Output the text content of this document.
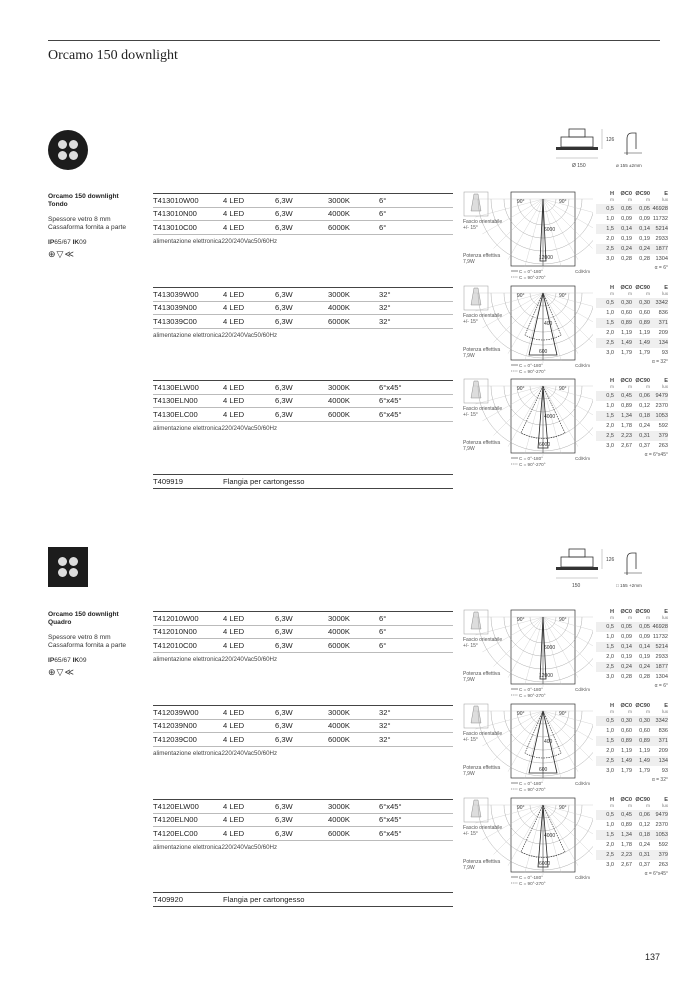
Orcamo 150 downlight
126
Ø 150	ø 155 ±2mm
Orcamo 150 downlight
Tondo
Spessore vetro 8 mm
Cassaforma fornita a parte
IP65/67 IK09
⊕▽≪
T413010W00	4 LED	6,3W	3000K	6°
T413010N00	4 LED	6,3W	4000K	6°
T413010C00	4 LED	6,3W	6000K	6°
alimentazione elettronica220/240Vac50/60Hz
90°	90°
6000
12000
Fascio orientabile +/- 15°
Potenza effettiva 7,9W
C = 0°-180°
C = 90°-270°
Cd/Klm
H	ØC0 ØC90	E
m	m	m	lux
0,5	0,05	0,05 46928
1,0	0,09	0,09 11732
1,5	0,14	0,14 5214
2,0	0,19	0,19 2933
2,5	0,24	0,24 1877
3,0	0,28	0,28 1304
α = 6°
T413039W00	4 LED	6,3W	3000K	32°
T413039N00	4 LED	6,3W	4000K	32°
T413039C00	4 LED	6,3W	6000K	32°
alimentazione elettronica220/240Vac50/60Hz
90°	90°
400
600
Fascio orientabile +/- 15°
Potenza effettiva 7,9W
C = 0°-180°
C = 90°-270°
Cd/Klm
H	ØC0 ØC90	E
m	m	m	lux
0,5	0,30	0,30 3342
1,0	0,60	0,60	836
1,5	0,89	0,89	371
2,0	1,19	1,19	209
2,5	1,49	1,49	134
3,0	1,79	1,79	93
α = 32°
T4130ELW00	4 LED	6,3W	3000K	6°x45°
T4130ELN00	4 LED	6,3W	4000K	6°x45°
T4130ELC00	4 LED	6,3W	6000K	6°x45°
alimentazione elettronica220/240Vac50/60Hz
90°	90°
4000
6000
Fascio orientabile +/- 15°
Potenza effettiva 7,9W
C = 0°-180°
C = 90°-270°
Cd/Klm
H	ØC0 ØC90	E
m	m	m	lux
0,5	0,45	0,06 9479
1,0	0,89	0,12 2370
1,5	1,34	0,18 1053
2,0	1,78	0,24	592
2,5	2,23	0,31	379
3,0	2,67	0,37	263
α = 6°x45°
T409919	Flangia per cartongesso
126
150	□ 155 +2mm
Orcamo 150 downlight
Quadro
Spessore vetro 8 mm
Cassaforma fornita a parte
IP65/67 IK09
⊕▽≪
T412010W00	4 LED	6,3W	3000K	6°
T412010N00	4 LED	6,3W	4000K	6°
T412010C00	4 LED	6,3W	6000K	6°
alimentazione elettronica220/240Vac50/60Hz
90°	90°
6000
12000
Fascio orientabile +/- 15°
Potenza effettiva 7,9W
C = 0°-180°
C = 90°-270°
Cd/Klm
H	ØC0 ØC90	E
m	m	m	lux
0,5	0,05	0,05 46928
1,0	0,09	0,09 11732
1,5	0,14	0,14 5214
2,0	0,19	0,19 2933
2,5	0,24	0,24 1877
3,0	0,28	0,28 1304
α = 6°
T412039W00	4 LED	6,3W	3000K	32°
T412039N00	4 LED	6,3W	4000K	32°
T412039C00	4 LED	6,3W	6000K	32°
alimentazione elettronica220/240Vac50/60Hz
90°	90°
400
600
Fascio orientabile +/- 15°
Potenza effettiva 7,9W
C = 0°-180°
C = 90°-270°
Cd/Klm
H	ØC0 ØC90	E
m	m	m	lux
0,5	0,30	0,30 3342
1,0	0,60	0,60	836
1,5	0,89	0,89	371
2,0	1,19	1,19	209
2,5	1,49	1,49	134
3,0	1,79	1,79	93
α = 32°
T4120ELW00	4 LED	6,3W	3000K	6°x45°
T4120ELN00	4 LED	6,3W	4000K	6°x45°
T4120ELC00	4 LED	6,3W	6000K	6°x45°
alimentazione elettronica220/240Vac50/60Hz
90°	90°
4000
6000
Fascio orientabile +/- 15°
Potenza effettiva 7,9W
C = 0°-180°
C = 90°-270°
Cd/Klm
H	ØC0 ØC90	E
m	m	m	lux
0,5	0,45	0,06 9479
1,0	0,89	0,12 2370
1,5	1,34	0,18 1053
2,0	1,78	0,24	592
2,5	2,23	0,31	379
3,0	2,67	0,37	263
α = 6°x45°
T409920	Flangia per cartongesso
137
